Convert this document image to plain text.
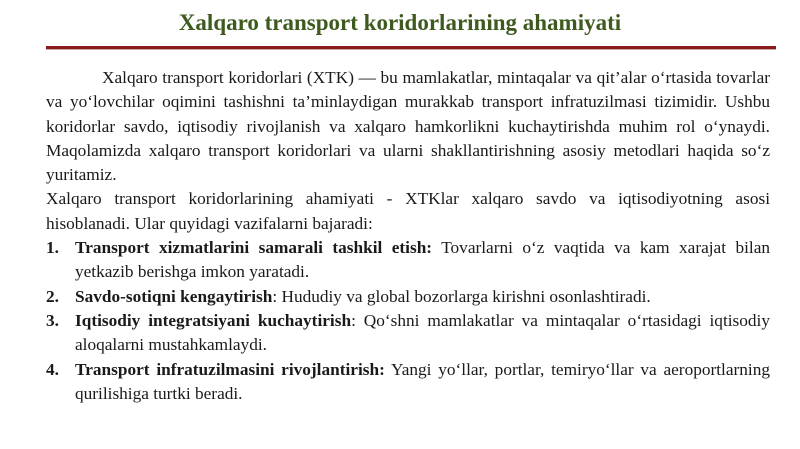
Xalqaro transport koridorlarining ahamiyati

Xalqaro transport koridorlari (XTK) — bu mamlakatlar, mintaqalar va qit’alar o‘rtasida tovarlar va yo‘lovchilar oqimini tashishni ta’minlaydigan murakkab transport infratuzilmasi tizimidir. Ushbu koridorlar savdo, iqtisodiy rivojlanish va xalqaro hamkorlikni kuchaytirishda muhim rol o‘ynaydi. Maqolamizda xalqaro transport koridorlari va ularni shakllantirishning asosiy metodlari haqida so‘z yuritamiz.

Xalqaro transport koridorlarining ahamiyati - XTKlar xalqaro savdo va iqtisodiyotning asosi hisoblanadi. Ular quyidagi vazifalarni bajaradi:

1. Transport xizmatlarini samarali tashkil etish: Tovarlarni o‘z vaqtida va kam xarajat bilan yetkazib berishga imkon yaratadi.
2. Savdo-sotiqni kengaytirish: Hududiy va global bozorlarga kirishni osonlashtiradi.
3. Iqtisodiy integratsiyani kuchaytirish: Qo‘shni mamlakatlar va mintaqalar o‘rtasidagi iqtisodiy aloqalarni mustahkamlaydi.
4. Transport infratuzilmasini rivojlantirish: Yangi yo‘llar, portlar, temiryo‘llar va aeroportlarning qurilishiga turtki beradi.
